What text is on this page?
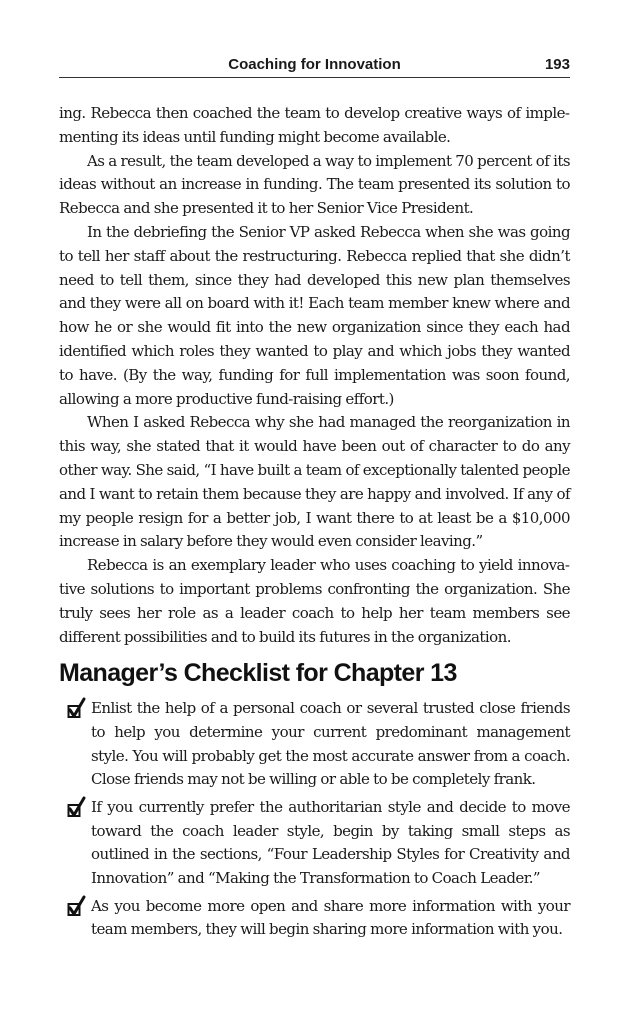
Coaching for Innovation	193

ing. Rebecca then coached the team to develop creative ways of implementing its ideas until funding might become available.

As a result, the team developed a way to implement 70 percent of its ideas without an increase in funding. The team presented its solution to Rebecca and she presented it to her Senior Vice President.

In the debriefing the Senior VP asked Rebecca when she was going to tell her staff about the restructuring. Rebecca replied that she didn’t need to tell them, since they had developed this new plan themselves and they were all on board with it! Each team member knew where and how he or she would fit into the new organization since they each had identified which roles they wanted to play and which jobs they wanted to have. (By the way, funding for full implementation was soon found, allowing a more productive fund-raising effort.)

When I asked Rebecca why she had managed the reorganization in this way, she stated that it would have been out of character to do any other way. She said, “I have built a team of exceptionally talented people and I want to retain them because they are happy and involved. If any of my people resign for a better job, I want there to at least be a $10,000 increase in salary before they would even consider leaving.”

Rebecca is an exemplary leader who uses coaching to yield innovative solutions to important problems confronting the organization. She truly sees her role as a leader coach to help her team members see different possibilities and to build its futures in the organization.

Manager’s Checklist for Chapter 13
Enlist the help of a personal coach or several trusted close friends to help you determine your current predominant management style. You will probably get the most accurate answer from a coach. Close friends may not be willing or able to be completely frank.
If you currently prefer the authoritarian style and decide to move toward the coach leader style, begin by taking small steps as outlined in the sections, “Four Leadership Styles for Creativity and Innovation” and “Making the Transformation to Coach Leader.”
As you become more open and share more information with your team members, they will begin sharing more information with you.
